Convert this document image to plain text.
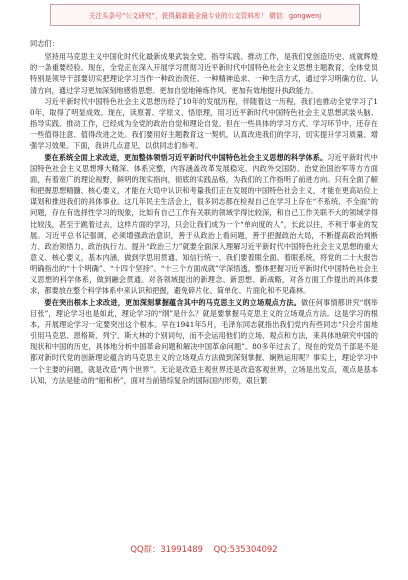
关注头条号“公文研究”，获得最新最全最专业的公文资料库！ 微信：gongwenj

同志们：

坚持用马克思主义中国化时代化最新成果武装全党、指导实践、推动工作，是我们党创造历史、成就辉煌的一条重要经验。现在，全党正在深入开展学习贯彻习近平新时代中国特色社会主义思想主题教育，全体党员特别是领导干部要切实把理论学习当作一种政治责任、一种精神追求、一种生活方式，通过学习明确方位、认清方向，通过学习更加深刻地感悟思想、更加自觉地锤炼作风、更加有效地提升执政能力。

习近平新时代中国特色社会主义思想历经了10年的发展历程，伴随着这一历程，我们也推动全党学习了10年，取得了明显成效。现在，读原著、学原文、悟原理，用习近平新时代中国特色社会主义思想武装头脑、指导实践、推动工作，已经成为全党的政治自觉和理论自觉。但在一些具体的学习方式、学习环节中，还存在一些值得注意、值得改进之处。我们要用好主题教育这一契机，认真改进我们的学习，切实提升学习质量、增强学习效果。下面，我讲几点意见，以供同志们参考。

要在系统全面上求改进，更加整体领悟习近平新时代中国特色社会主义思想的科学体系。习近平新时代中国特色社会主义思想博大精深、体系完整，内容涵盖改革发展稳定、内政外交国防、治党治国治军等方方面面，有着宽广的理论视野，鲜明的现实指向，彻底的实践品格，为我们的工作指明了前进方向。只有全面了解和把握思想精髓、核心要义，才能在大局中认识和考量我们正在发展的中国特色社会主义，才能在更高站位上谋划和推进我们的具体事业。这几年民主生活会上，很多同志都在检视自己在学习上存在“不系统、不全面”的问题，存在有选择性学习的现象，比如有自己工作有关联的领域学得比较深，和自己工作关联不大的领域学得比较浅，甚至于跳着过去，这样片面的学习，只会让我们成为一个“单向度的人”，长此以往，不利于事业的发展。习近平总书记强调，必须增强政治意识，善于从政治上看问题，善于把握政治大局，不断提高政治判断力、政治领悟力、政治执行力。提升“政治三力”就要全面深入理解习近平新时代中国特色社会主义思想的重大意义、核心要义，基本内涵，做到学思用贯通、知信行统一。我们要着眼全面、着眼系统，将党的二十大报告明确指出的“十个明确”、“十四个坚持”、“十三个方面成就”学深悟透，整体把握习近平新时代中国特色社会主义思想的科学体系，做到融会贯通。对各领域提出的新理念、新思想、新战略，对各方面工作提出的具体要求，都要放在整个科学体系中来认识和把握，避免碎片化、简单化、片面化和不见森林。

要在突出根本上求改进，更加深刻掌握蕴含其中的马克思主义的立场观点方法。做任何事情都讲究“纲举目张”，理论学习也是如此，理论学习的“纲”是什么？就是要掌握马克思主义的立场观点方法。这是学习的根本，开展理论学习一定要突出这个根本。早在1941年5月，毛泽东同志就指出我们党内有些同志“只会片面地引用马克思、恩格斯、列宁、斯大林的个别词句，而不会运用他们的立场、观点和方法，来具体地研究中国的现状和中国的历史，具体地分析中国革命问题和解决中国革命问题”。80多年过去了，现在的党员干部是不是都对新时代党的创新理论蕴含的马克思主义的立场观点方法做到深刻掌握、娴熟运用呢？事实上，理论学习中一个主要的问题，就是改造“两个世界”。无论是改造主观世界还是改造客观世界，立场是出发点，观点是基本认知，方法是能动的“船和桥”，面对当前错综复杂的国际国内形势，艰巨繁

QQ群：31991489 QQ:535304092
